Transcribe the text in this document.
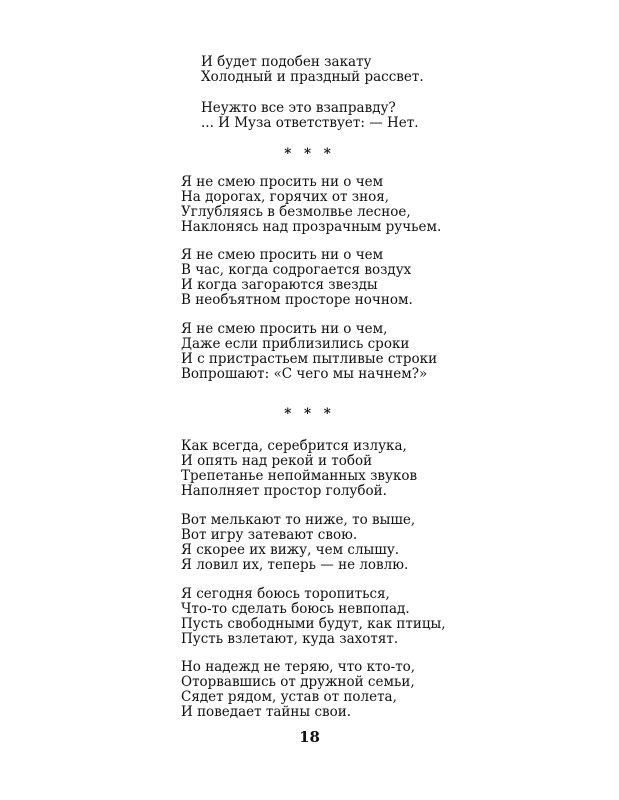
И будет подобен закату
Холодный и праздный рассвет.
Неужто все это взаправду?
... И Муза ответствует: — Нет.
* * *
Я не смею просить ни о чем
На дорогах, горячих от зноя,
Углубляясь в безмолвье лесное,
Наклонясь над прозрачным ручьем.
Я не смею просить ни о чем
В час, когда содрогается воздух
И когда загораются звезды
В необъятном просторе ночном.
Я не смею просить ни о чем,
Даже если приблизились сроки
И с пристрастьем пытливые строки
Вопрошают: «С чего мы начнем?»
* * *
Как всегда, серебрится излука,
И опять над рекой и тобой
Трепетанье непойманных звуков
Наполняет простор голубой.
Вот мелькают то ниже, то выше,
Вот игру затевают свою.
Я скорее их вижу, чем слышу.
Я ловил их, теперь — не ловлю.
Я сегодня боюсь торопиться,
Что-то сделать боюсь невпопад.
Пусть свободными будут, как птицы,
Пусть взлетают, куда захотят.
Но надежд не теряю, что кто-то,
Оторвавшись от дружной семьи,
Сядет рядом, устав от полета,
И поведает тайны свои.
18
